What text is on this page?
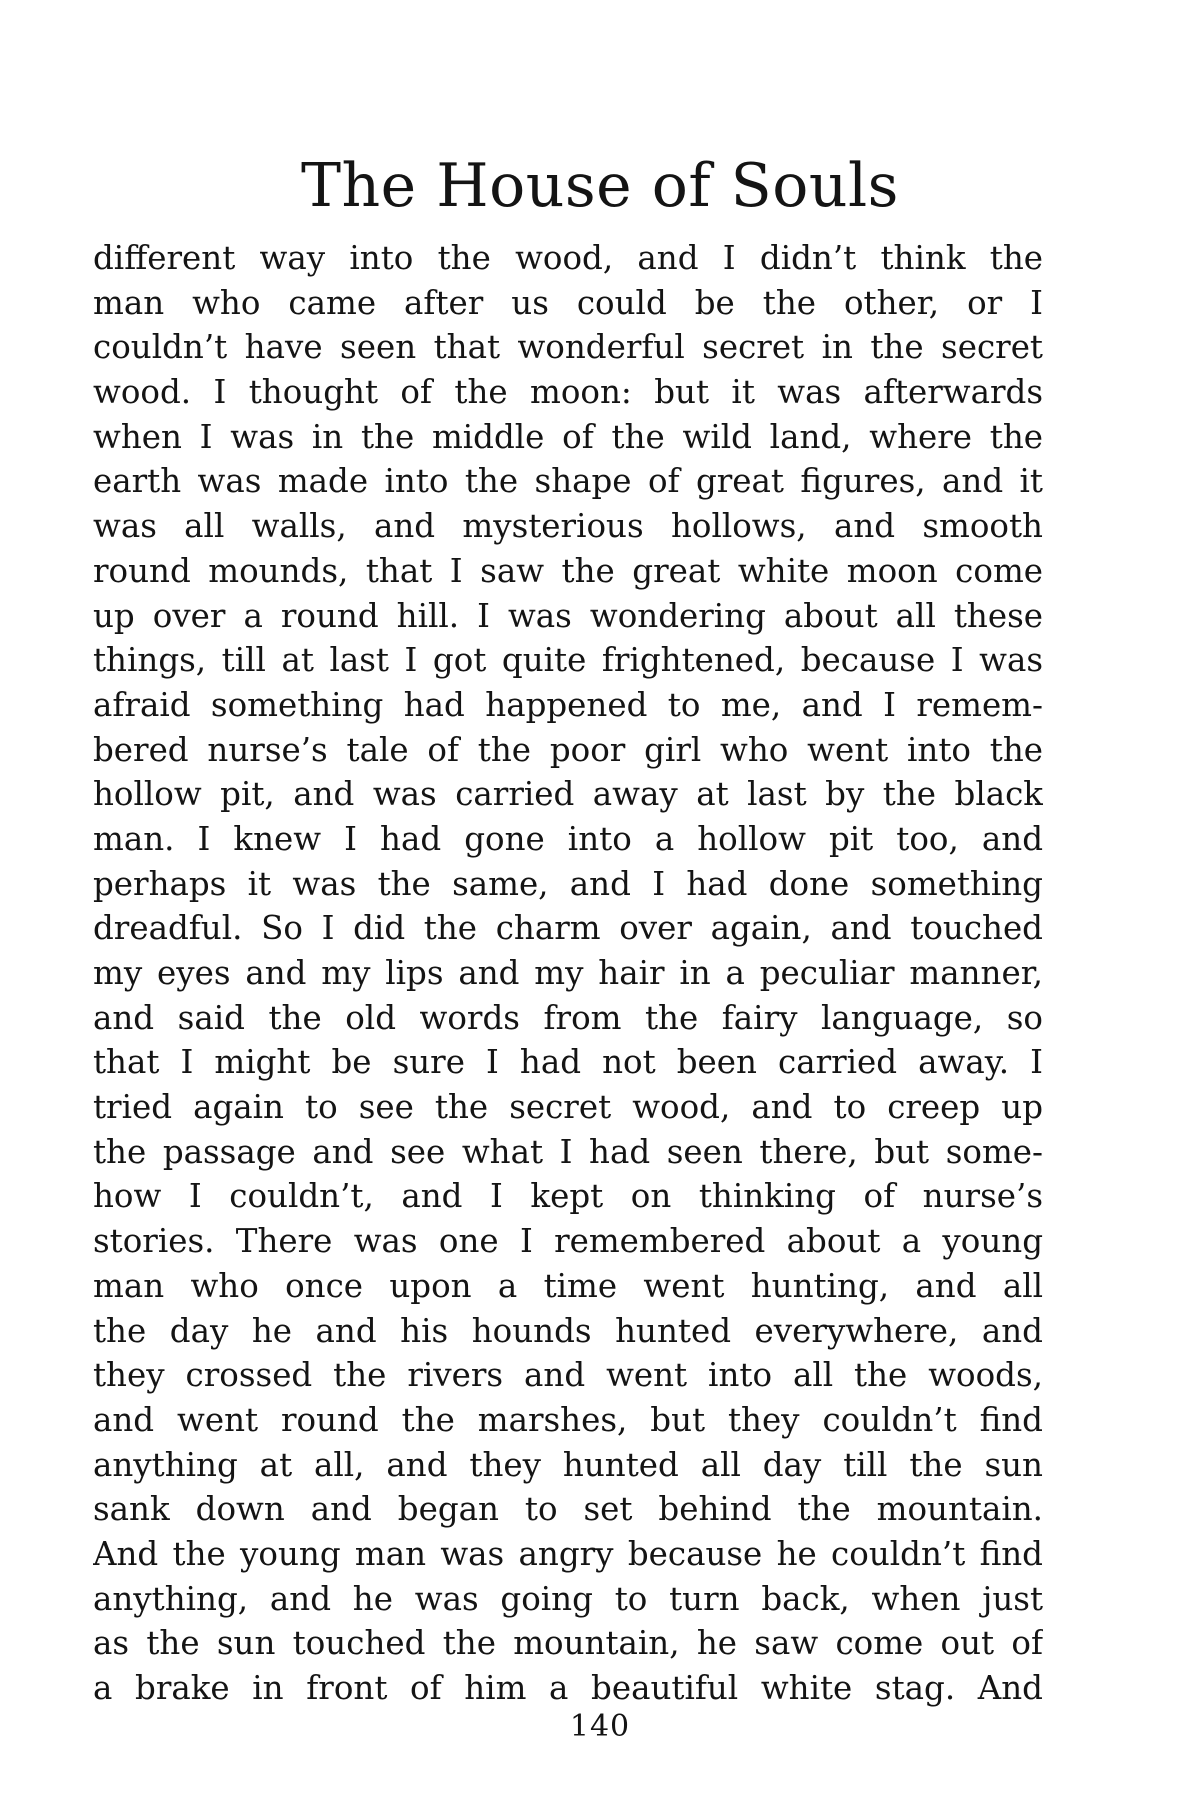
The House of Souls
different way into the wood, and I didn’t think the
man who came after us could be the other, or I
couldn’t have seen that wonderful secret in the secret
wood. I thought of the moon: but it was afterwards
when I was in the middle of the wild land, where the
earth was made into the shape of great figures, and it
was all walls, and mysterious hollows, and smooth
round mounds, that I saw the great white moon come
up over a round hill. I was wondering about all these
things, till at last I got quite frightened, because I was
afraid something had happened to me, and I remem-
bered nurse’s tale of the poor girl who went into the
hollow pit, and was carried away at last by the black
man. I knew I had gone into a hollow pit too, and
perhaps it was the same, and I had done something
dreadful. So I did the charm over again, and touched
my eyes and my lips and my hair in a peculiar manner,
and said the old words from the fairy language, so
that I might be sure I had not been carried away. I
tried again to see the secret wood, and to creep up
the passage and see what I had seen there, but some-
how I couldn’t, and I kept on thinking of nurse’s
stories. There was one I remembered about a young
man who once upon a time went hunting, and all
the day he and his hounds hunted everywhere, and
they crossed the rivers and went into all the woods,
and went round the marshes, but they couldn’t find
anything at all, and they hunted all day till the sun
sank down and began to set behind the mountain.
And the young man was angry because he couldn’t find
anything, and he was going to turn back, when just
as the sun touched the mountain, he saw come out of
a brake in front of him a beautiful white stag. And
140
